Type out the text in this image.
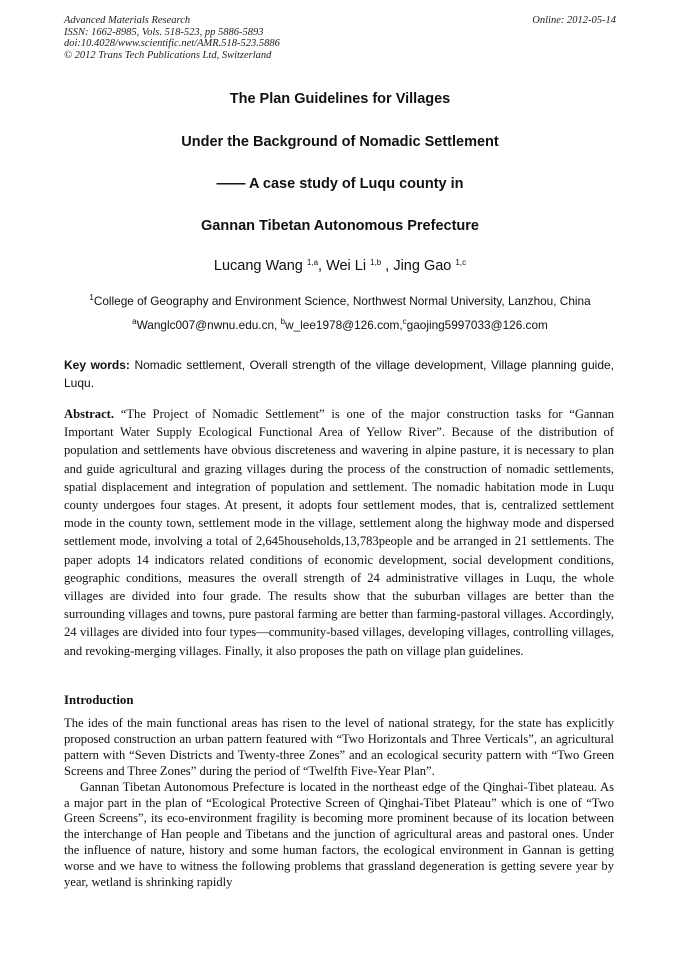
Advanced Materials Research
ISSN: 1662-8985, Vols. 518-523, pp 5886-5893
doi:10.4028/www.scientific.net/AMR.518-523.5886
© 2012 Trans Tech Publications Ltd, Switzerland
Online: 2012-05-14
The Plan Guidelines for Villages
Under the Background of Nomadic Settlement
—— A case study of Luqu county in
Gannan Tibetan Autonomous Prefecture
Lucang Wang $^{1,a}$, Wei Li $^{1,b}$ , Jing Gao $^{1,c}$
$^1$College of Geography and Environment Science, Northwest Normal University, Lanzhou, China
$^a$Wanglc007@nwnu.edu.cn, $^b$w_lee1978@126.com,$^c$gaojing5997033@126.com
Key words: Nomadic settlement, Overall strength of the village development, Village planning guide, Luqu.
Abstract. “The Project of Nomadic Settlement” is one of the major construction tasks for “Gannan Important Water Supply Ecological Functional Area of Yellow River”. Because of the distribution of population and settlements have obvious discreteness and wavering in alpine pasture, it is necessary to plan and guide agricultural and grazing villages during the process of the construction of nomadic settlements, spatial displacement and integration of population and settlement. The nomadic habitation mode in Luqu county undergoes four stages. At present, it adopts four settlement modes, that is, centralized settlement mode in the county town, settlement mode in the village, settlement along the highway mode and dispersed settlement mode, involving a total of 2,645households,13,783people and be arranged in 21 settlements. The paper adopts 14 indicators related conditions of economic development, social development conditions, geographic conditions, measures the overall strength of 24 administrative villages in Luqu, the whole villages are divided into four grade. The results show that the suburban villages are better than the surrounding villages and towns, pure pastoral farming are better than farming-pastoral villages. Accordingly, 24 villages are divided into four types—community-based villages, developing villages, controlling villages, and revoking-merging villages. Finally, it also proposes the path on village plan guidelines.
Introduction

The ides of the main functional areas has risen to the level of national strategy, for the state has explicitly proposed construction an urban pattern featured with “Two Horizontals and Three Verticals”, an agricultural pattern with “Seven Districts and Twenty-three Zones” and an ecological security pattern with “Two Green Screens and Three Zones” during the period of “Twelfth Five-Year Plan”.

Gannan Tibetan Autonomous Prefecture is located in the northeast edge of the Qinghai-Tibet plateau. As a major part in the plan of “Ecological Protective Screen of Qinghai-Tibet Plateau” which is one of “Two Green Screens”, its eco-environment fragility is becoming more prominent because of its location between the interchange of Han people and Tibetans and the junction of agricultural areas and pastoral ones. Under the influence of nature, history and some human factors, the ecological environment in Gannan is getting worse and we have to witness the following problems that grassland degeneration is getting severe year by year, wetland is shrinking rapidly
